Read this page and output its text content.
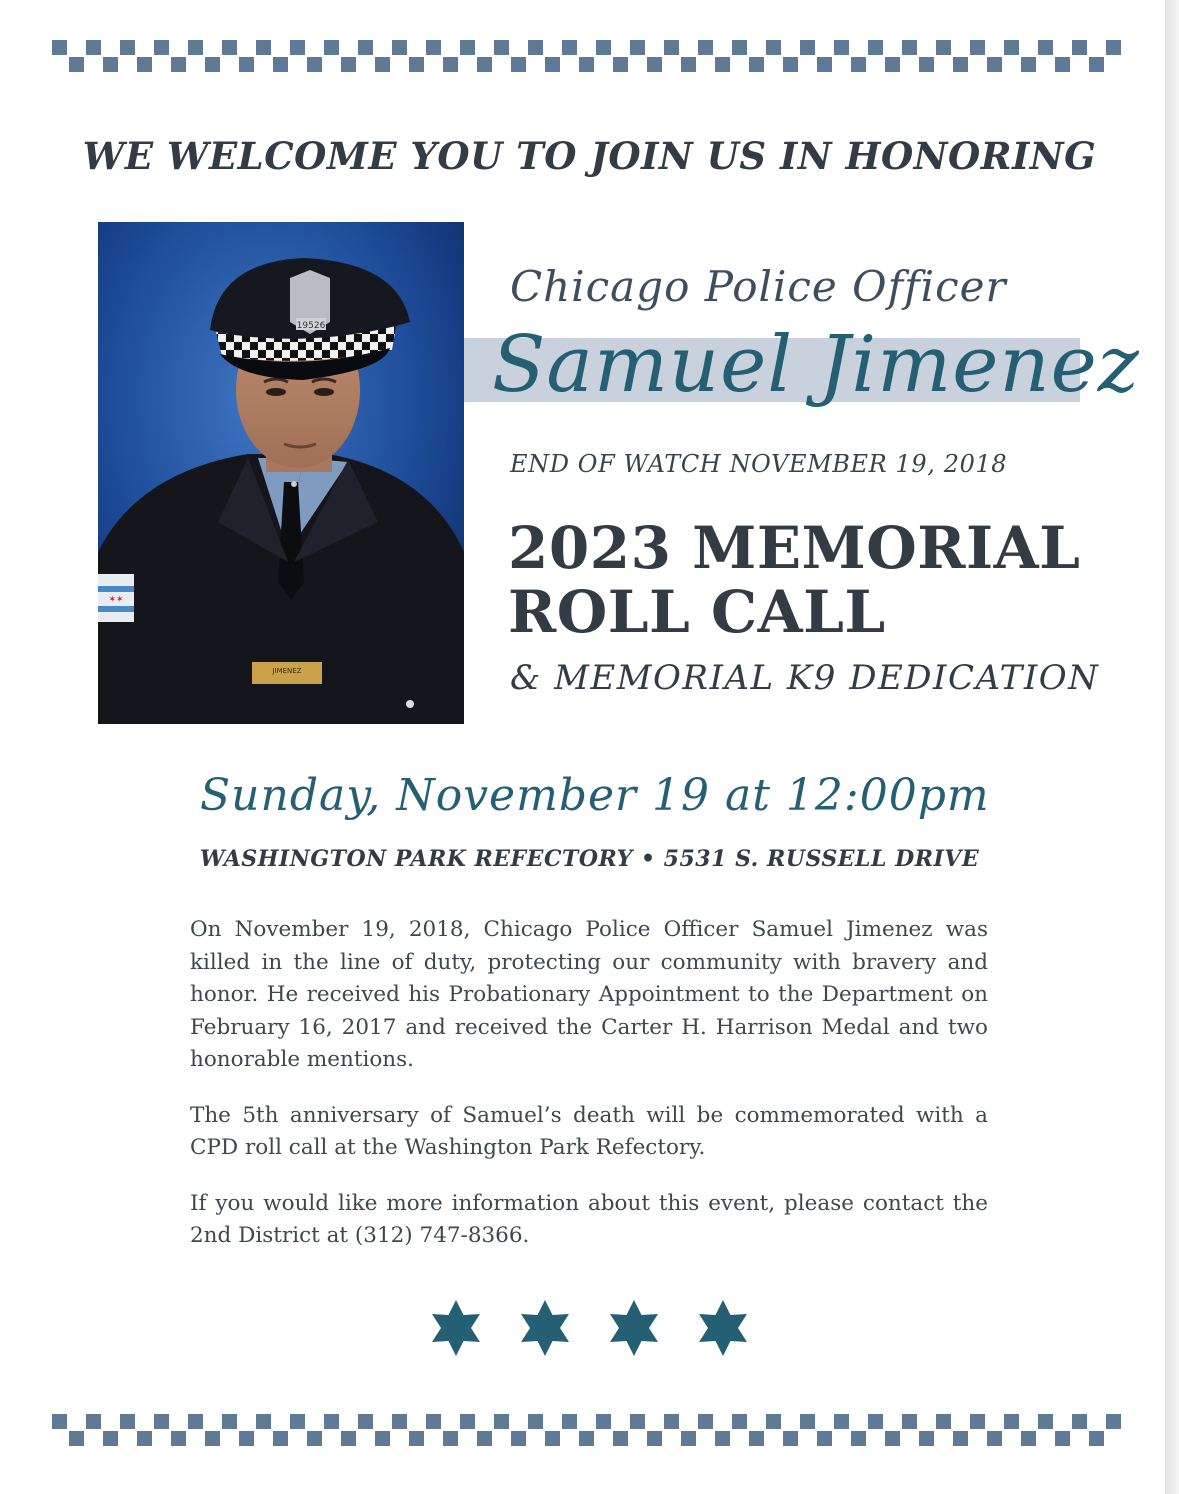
WE WELCOME YOU TO JOIN US IN HONORING
19526
✶✶
JIMENEZ
Chicago Police Officer
Samuel Jimenez
END OF WATCH NOVEMBER 19, 2018
2023 MEMORIAL
ROLL CALL
& MEMORIAL K9 DEDICATION
Sunday, November 19 at 12:00pm
WASHINGTON PARK REFECTORY • 5531 S. RUSSELL DRIVE

On November 19, 2018, Chicago Police Officer Samuel Jimenez was killed in the line of duty, protecting our community with bravery and honor. He received his Probationary Appointment to the Department on February 16, 2017 and received the Carter H. Harrison Medal and two honorable mentions.

The 5th anniversary of Samuel’s death will be commemorated with a CPD roll call at the Washington Park Refectory.

If you would like more information about this event, please contact the 2nd District at (312) 747-8366.
